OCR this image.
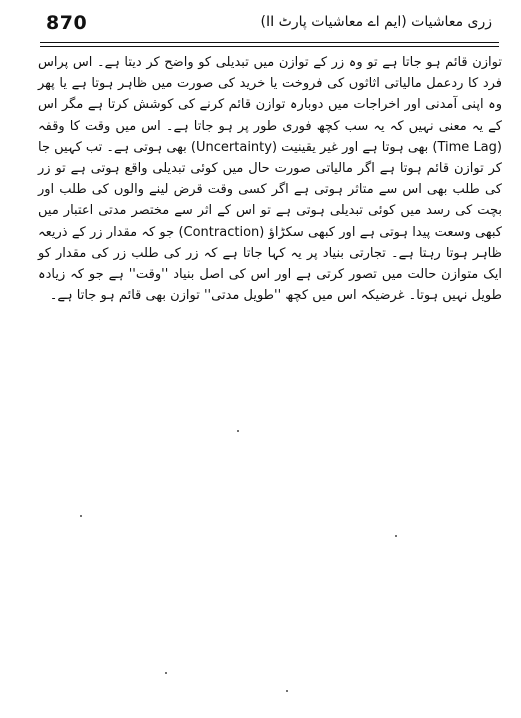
870	زری معاشیات (ایم اے معاشیات پارٹ II)

توازن قائم ہو جاتا ہے تو وہ زر کے توازن میں تبدیلی کو واضح کر دیتا ہے۔ اس پراس فرد کا ردعمل مالیاتی اثاثوں کی فروخت یا خرید کی صورت میں ظاہر ہوتا ہے یا پھر وہ اپنی آمدنی اور اخراجات میں دوبارہ توازن قائم کرنے کی کوشش کرتا ہے مگر اس کے یہ معنی نہیں کہ یہ سب کچھ فوری طور پر ہو جاتا ہے۔ اس میں وقت کا وقفہ (Time Lag) بھی ہوتا ہے اور غیر یقینیت (Uncertainty) بھی ہوتی ہے۔ تب کہیں جا کر توازن قائم ہوتا ہے اگر مالیاتی صورت حال میں کوئی تبدیلی واقع ہوتی ہے تو زر کی طلب بھی اس سے متاثر ہوتی ہے اگر کسی وقت قرض لینے والوں کی طلب اور بچت کی رسد میں کوئی تبدیلی ہوتی ہے تو اس کے اثر سے مختصر مدتی اعتبار میں کبھی وسعت پیدا ہوتی ہے اور کبھی سکڑاؤ (Contraction) جو کہ مقدار زر کے ذریعہ ظاہر ہوتا رہتا ہے۔ تجارتی بنیاد پر یہ کہا جاتا ہے کہ زر کی طلب زر کی مقدار کو ایک متوازن حالت میں تصور کرتی ہے اور اس کی اصل بنیاد ''وقت'' ہے جو کہ زیادہ طویل نہیں ہوتا۔ غرضیکہ اس میں کچھ ''طویل مدتی'' توازن بھی قائم ہو جاتا ہے۔
